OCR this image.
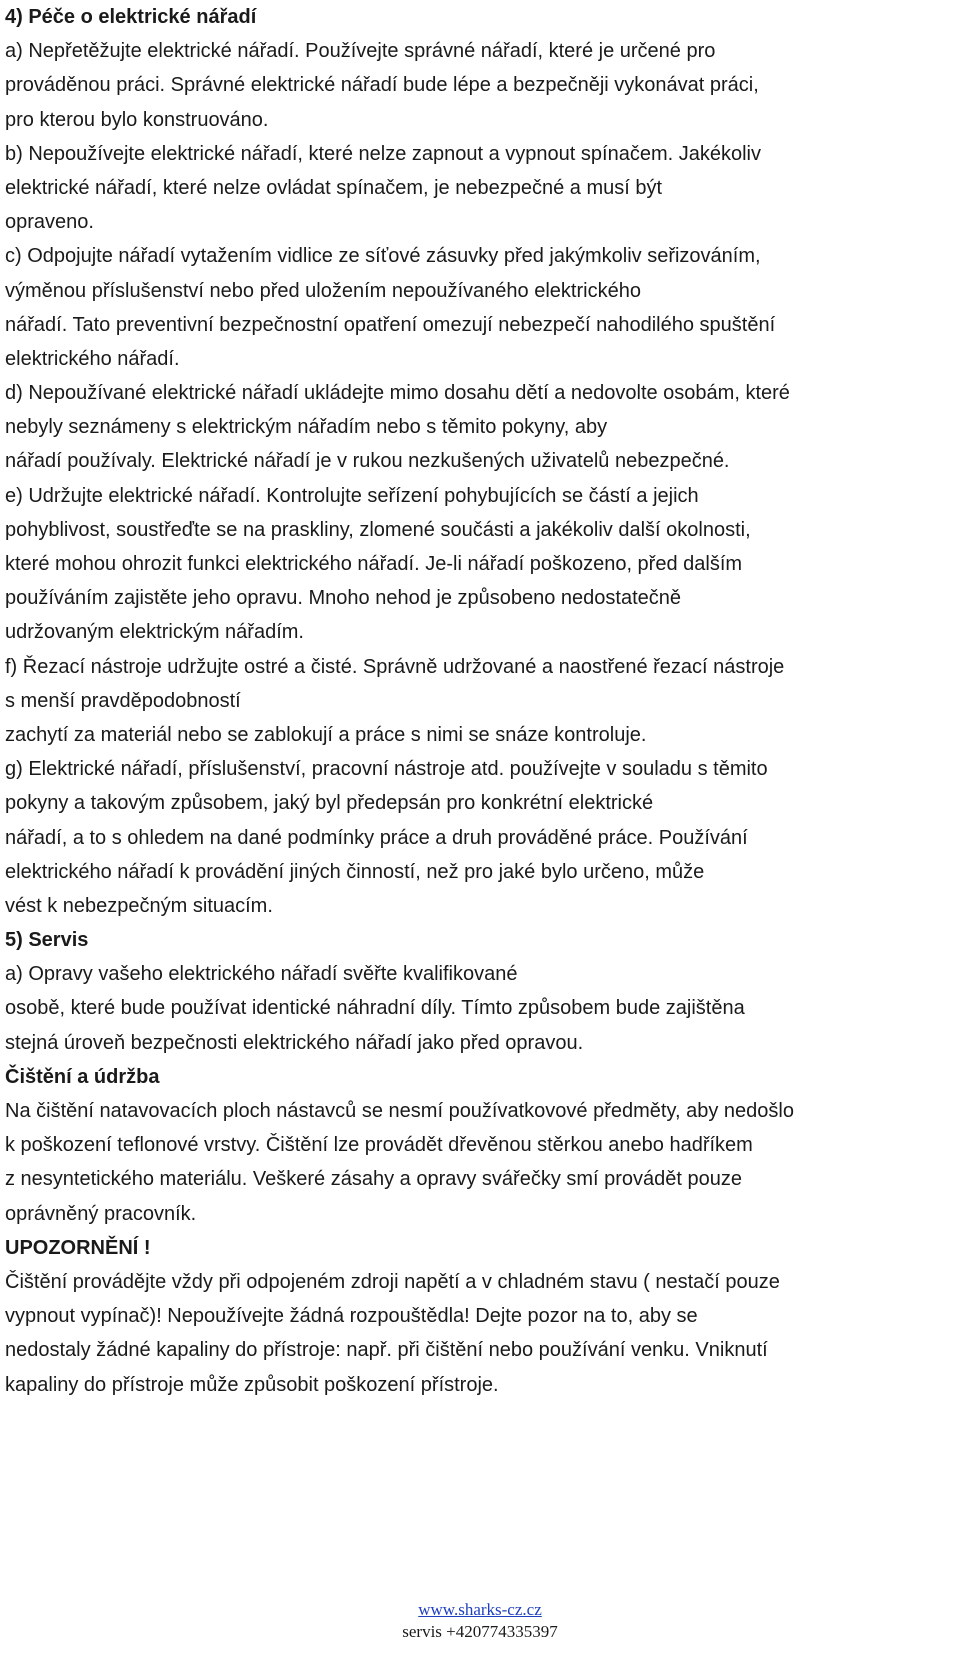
4) Péče o elektrické nářadí
a) Nepřetěžujte elektrické nářadí. Používejte správné nářadí, které je určené pro
prováděnou práci. Správné elektrické nářadí bude lépe a bezpečněji vykonávat práci,
pro kterou bylo konstruováno.
b) Nepoužívejte elektrické nářadí, které nelze zapnout a vypnout spínačem. Jakékoliv
elektrické nářadí, které nelze ovládat spínačem, je nebezpečné a musí být
opraveno.
c) Odpojujte nářadí vytažením vidlice ze síťové zásuvky před jakýmkoliv seřizováním,
výměnou příslušenství nebo před uložením nepoužívaného elektrického
nářadí. Tato preventivní bezpečnostní opatření omezují nebezpečí nahodilého spuštění
elektrického nářadí.
d) Nepoužívané elektrické nářadí ukládejte mimo dosahu dětí a nedovolte osobám, které
nebyly seznámeny s elektrickým nářadím nebo s těmito pokyny, aby
nářadí používaly. Elektrické nářadí je v rukou nezkušených uživatelů nebezpečné.
e) Udržujte elektrické nářadí. Kontrolujte seřízení pohybujících se částí a jejich
pohyblivost, soustřeďte se na praskliny, zlomené součásti a jakékoliv další okolnosti,
které mohou ohrozit funkci elektrického nářadí. Je-li nářadí poškozeno, před dalším
používáním zajistěte jeho opravu. Mnoho nehod je způsobeno nedostatečně
udržovaným elektrickým nářadím.
f) Řezací nástroje udržujte ostré a čisté. Správně udržované a naostřené řezací nástroje
s menší pravděpodobností
zachytí za materiál nebo se zablokují a práce s nimi se snáze kontroluje.
g) Elektrické nářadí, příslušenství, pracovní nástroje atd. používejte v souladu s těmito
pokyny a takovým způsobem, jaký byl předepsán pro konkrétní elektrické
nářadí, a to s ohledem na dané podmínky práce a druh prováděné práce. Používání
elektrického nářadí k provádění jiných činností, než pro jaké bylo určeno, může
vést k nebezpečným situacím.
5) Servis
a) Opravy vašeho elektrického nářadí svěřte kvalifikované
osobě, které bude používat identické náhradní díly. Tímto způsobem bude zajištěna
stejná úroveň bezpečnosti elektrického nářadí jako před opravou.
Čištění a údržba
Na čištění natavovacích ploch nástavců se nesmí používatkovové předměty, aby nedošlo
k poškození teflonové vrstvy. Čištění lze provádět dřevěnou stěrkou anebo hadříkem
z nesyntetického materiálu. Veškeré zásahy a opravy svářečky smí provádět pouze
oprávněný pracovník.
UPOZORNĚNÍ !
Čištění provádějte vždy při odpojeném zdroji napětí a v chladném stavu ( nestačí pouze
vypnout vypínač)! Nepoužívejte žádná rozpouštědla! Dejte pozor na to, aby se
nedostaly žádné kapaliny do přístroje: např. při čištění nebo používání venku. Vniknutí
kapaliny do přístroje může způsobit poškození přístroje.
www.sharks-cz.cz
servis +420774335397
